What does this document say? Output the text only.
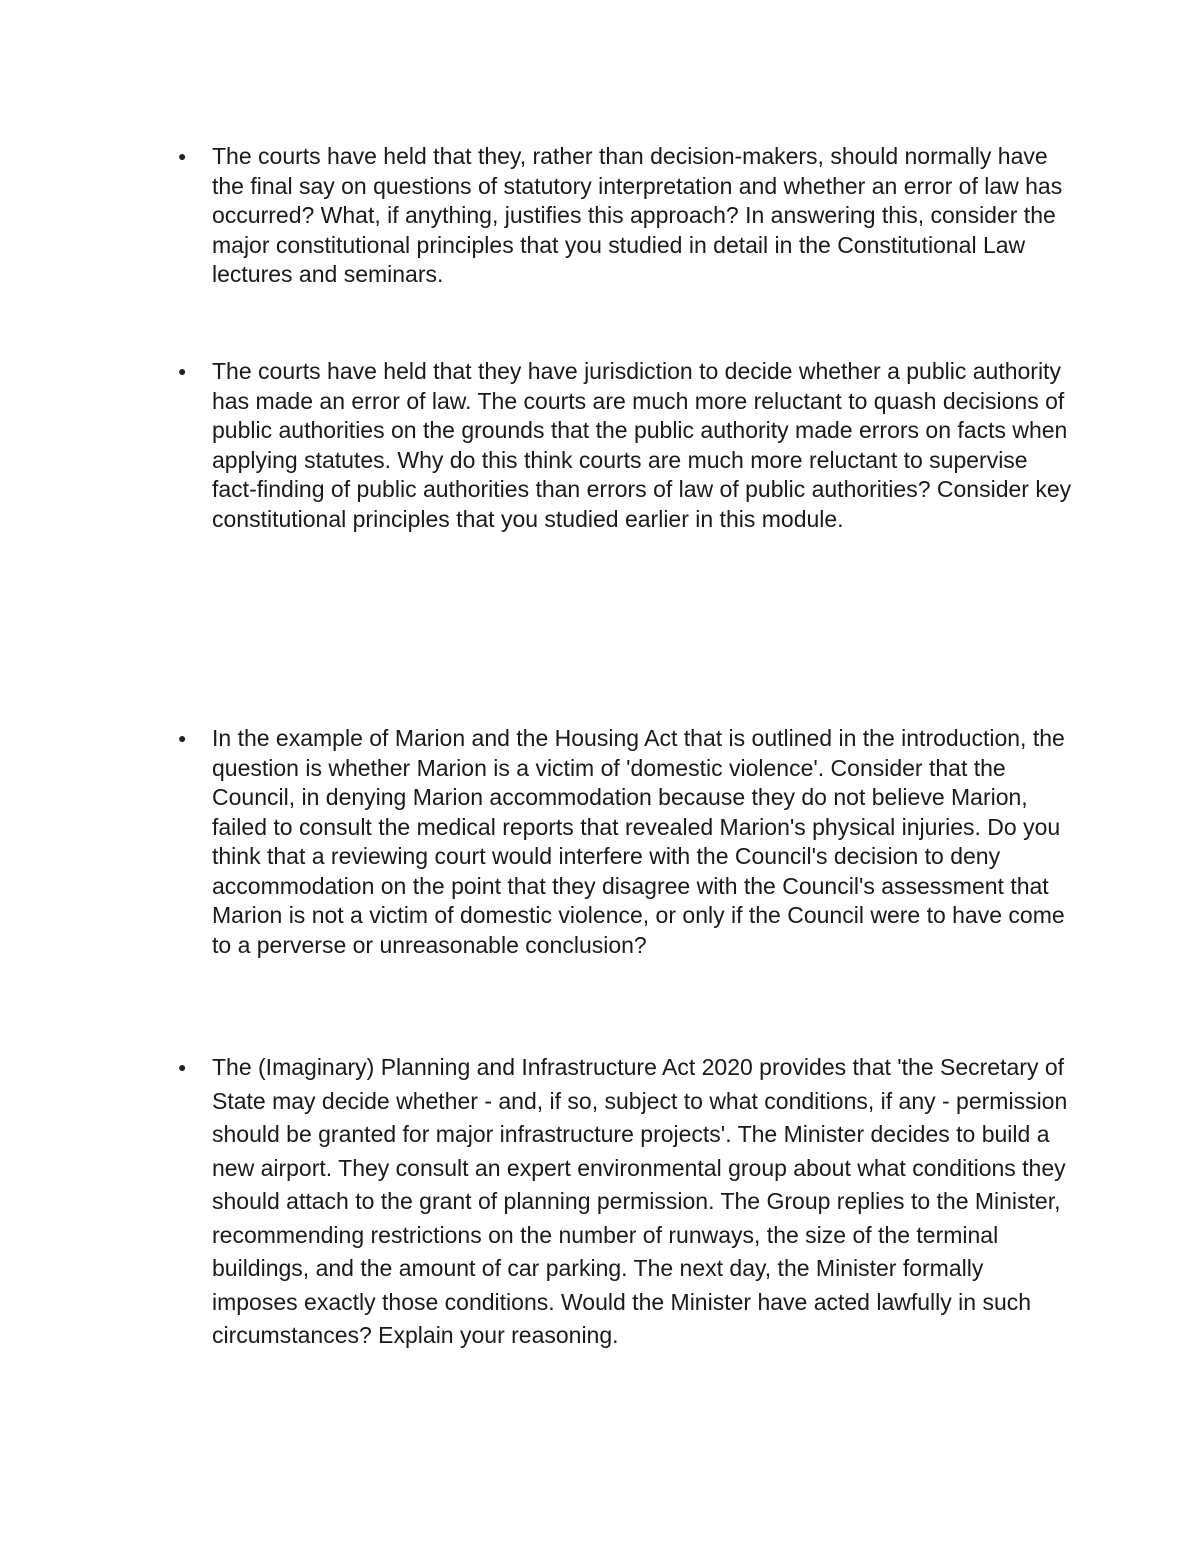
● The courts have held that they, rather than decision-makers, should normally have the final say on questions of statutory interpretation and whether an error of law has occurred? What, if anything, justifies this approach? In answering this, consider the major constitutional principles that you studied in detail in the Constitutional Law lectures and seminars.
● The courts have held that they have jurisdiction to decide whether a public authority has made an error of law. The courts are much more reluctant to quash decisions of public authorities on the grounds that the public authority made errors on facts when applying statutes. Why do this think courts are much more reluctant to supervise fact-finding of public authorities than errors of law of public authorities? Consider key constitutional principles that you studied earlier in this module.
● In the example of Marion and the Housing Act that is outlined in the introduction, the question is whether Marion is a victim of 'domestic violence'. Consider that the Council, in denying Marion accommodation because they do not believe Marion, failed to consult the medical reports that revealed Marion's physical injuries. Do you think that a reviewing court would interfere with the Council's decision to deny accommodation on the point that they disagree with the Council's assessment that Marion is not a victim of domestic violence, or only if the Council were to have come to a perverse or unreasonable conclusion?
● The (Imaginary) Planning and Infrastructure Act 2020 provides that 'the Secretary of State may decide whether - and, if so, subject to what conditions, if any - permission should be granted for major infrastructure projects'. The Minister decides to build a new airport. They consult an expert environmental group about what conditions they should attach to the grant of planning permission. The Group replies to the Minister, recommending restrictions on the number of runways, the size of the terminal buildings, and the amount of car parking. The next day, the Minister formally imposes exactly those conditions. Would the Minister have acted lawfully in such circumstances? Explain your reasoning.
